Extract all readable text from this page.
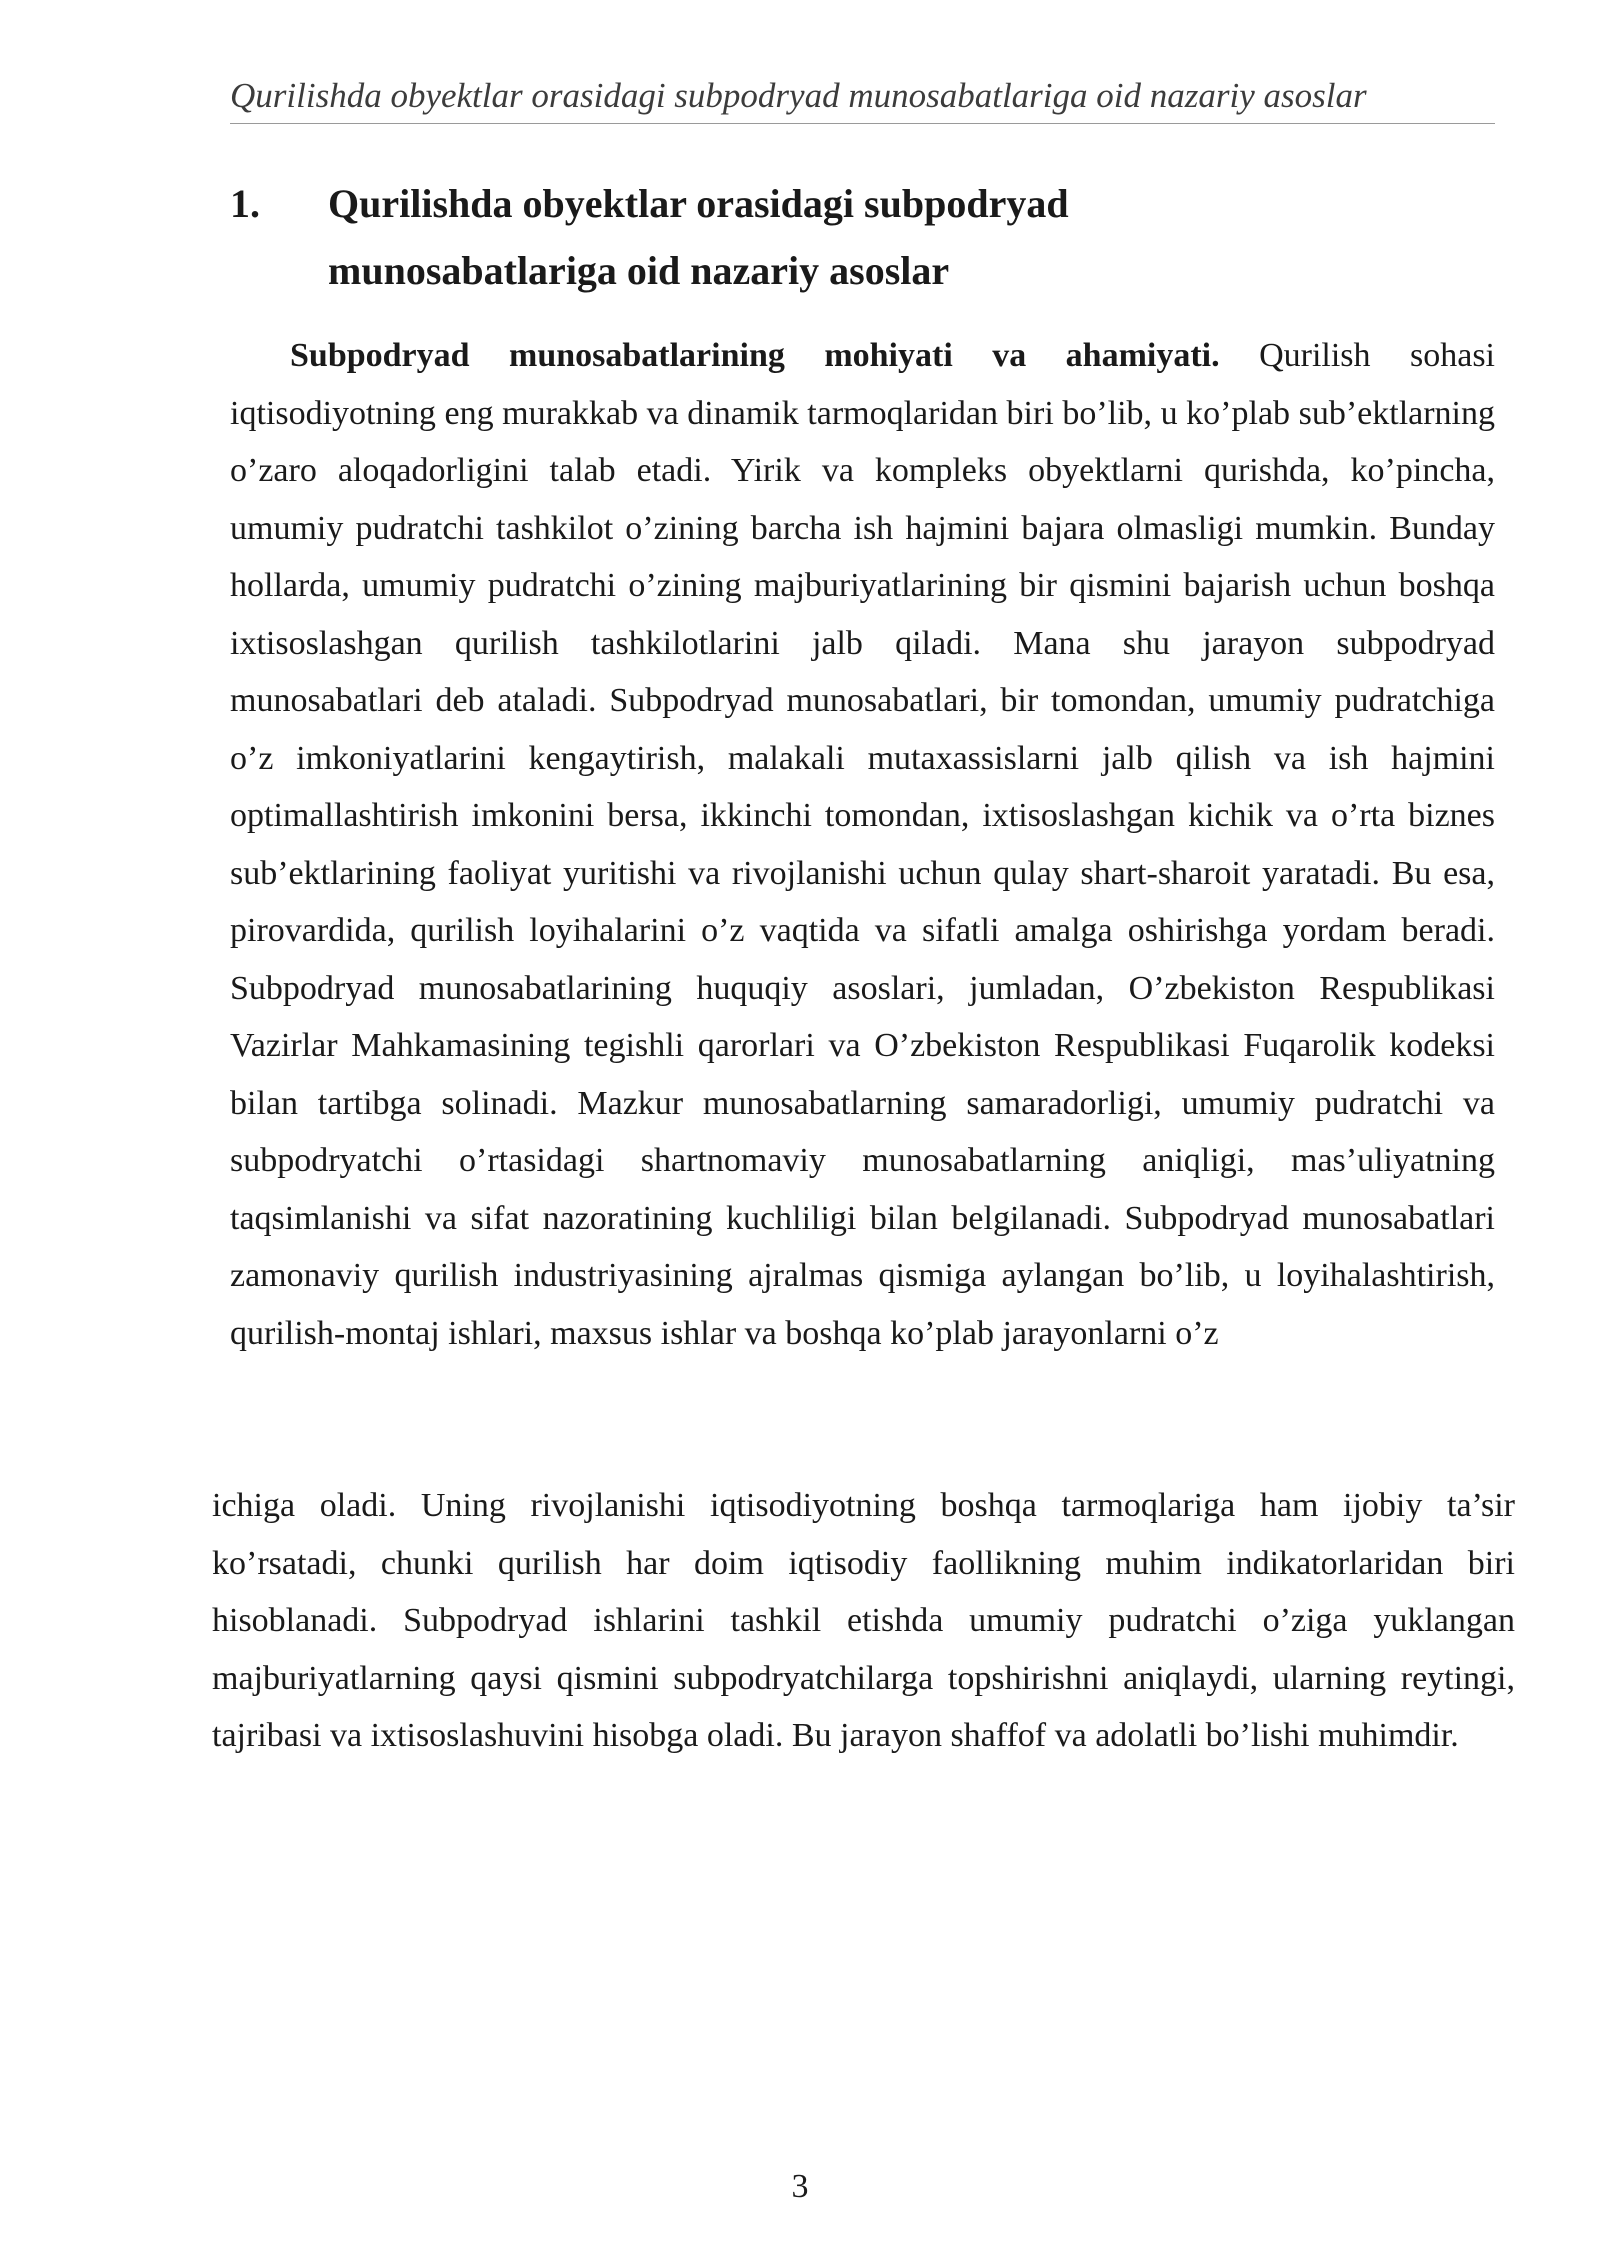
Qurilishda obyektlar orasidagi subpodryad munosabatlariga oid nazariy asoslar
1. Qurilishda obyektlar orasidagi subpodryad munosabatlariga oid nazariy asoslar

Subpodryad munosabatlarining mohiyati va ahamiyati. Qurilish sohasi iqtisodiyotning eng murakkab va dinamik tarmoqlaridan biri bo’lib, u ko’plab sub’ektlarning o’zaro aloqadorligini talab etadi. Yirik va kompleks obyektlarni qurishda, ko’pincha, umumiy pudratchi tashkilot o’zining barcha ish hajmini bajara olmasligi mumkin. Bunday hollarda, umumiy pudratchi o’zining majburiyatlarining bir qismini bajarish uchun boshqa ixtisoslashgan qurilish tashkilotlarini jalb qiladi. Mana shu jarayon subpodryad munosabatlari deb ataladi. Subpodryad munosabatlari, bir tomondan, umumiy pudratchiga o’z imkoniyatlarini kengaytirish, malakali mutaxassislarni jalb qilish va ish hajmini optimallashtirish imkonini bersa, ikkinchi tomondan, ixtisoslashgan kichik va o’rta biznes sub’ektlarining faoliyat yuritishi va rivojlanishi uchun qulay shart-sharoit yaratadi. Bu esa, pirovardida, qurilish loyihalarini o’z vaqtida va sifatli amalga oshirishga yordam beradi. Subpodryad munosabatlarining huquqiy asoslari, jumladan, O’zbekiston Respublikasi Vazirlar Mahkamasining tegishli qarorlari va O’zbekiston Respublikasi Fuqarolik kodeksi bilan tartibga solinadi. Mazkur munosabatlarning samaradorligi, umumiy pudratchi va subpodryatchi o’rtasidagi shartnomaviy munosabatlarning aniqligi, mas’uliyatning taqsimlanishi va sifat nazoratining kuchliligi bilan belgilanadi. Subpodryad munosabatlari zamonaviy qurilish industriyasining ajralmas qismiga aylangan bo’lib, u loyihalashtirish, qurilish-montaj ishlari, maxsus ishlar va boshqa ko’plab jarayonlarni o’z

ichiga oladi. Uning rivojlanishi iqtisodiyotning boshqa tarmoqlariga ham ijobiy ta’sir ko’rsatadi, chunki qurilish har doim iqtisodiy faollikning muhim indikatorlaridan biri hisoblanadi. Subpodryad ishlarini tashkil etishda umumiy pudratchi o’ziga yuklangan majburiyatlarning qaysi qismini subpodryatchilarga topshirishni aniqlaydi, ularning reytingi, tajribasi va ixtisoslashuvini hisobga oladi. Bu jarayon shaffof va adolatli bo’lishi muhimdir.

3
